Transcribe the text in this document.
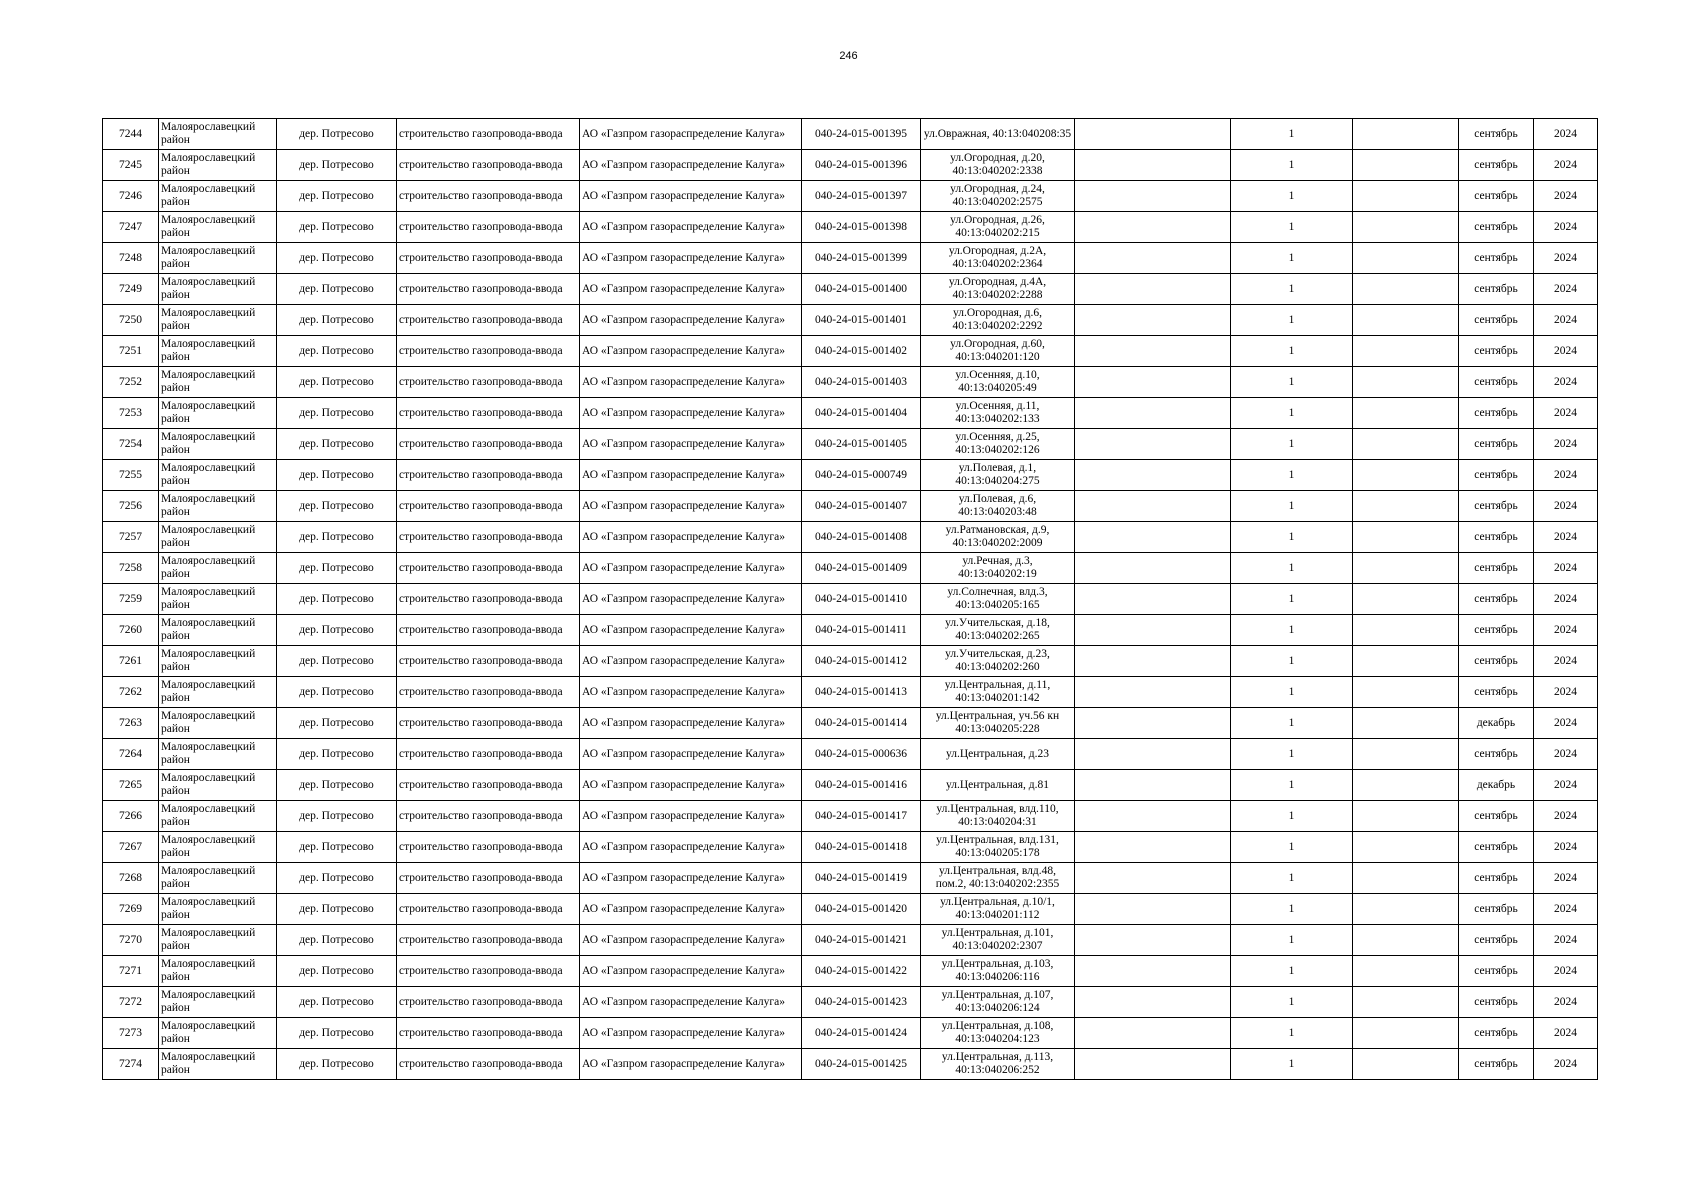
246
7244	Малоярославецкий район	дер. Потресово	строительство газопровода-ввода	АО «Газпром газораспределение Калуга»	040-24-015-001395	ул.Овражная, 40:13:040208:35		1		сентябрь	2024
7245	Малоярославецкий район	дер. Потресово	строительство газопровода-ввода	АО «Газпром газораспределение Калуга»	040-24-015-001396	ул.Огородная, д.20, 40:13:040202:2338		1		сентябрь	2024
7246	Малоярославецкий район	дер. Потресово	строительство газопровода-ввода	АО «Газпром газораспределение Калуга»	040-24-015-001397	ул.Огородная, д.24, 40:13:040202:2575		1		сентябрь	2024
7247	Малоярославецкий район	дер. Потресово	строительство газопровода-ввода	АО «Газпром газораспределение Калуга»	040-24-015-001398	ул.Огородная, д.26, 40:13:040202:215		1		сентябрь	2024
7248	Малоярославецкий район	дер. Потресово	строительство газопровода-ввода	АО «Газпром газораспределение Калуга»	040-24-015-001399	ул.Огородная, д.2А, 40:13:040202:2364		1		сентябрь	2024
7249	Малоярославецкий район	дер. Потресово	строительство газопровода-ввода	АО «Газпром газораспределение Калуга»	040-24-015-001400	ул.Огородная, д.4А, 40:13:040202:2288		1		сентябрь	2024
7250	Малоярославецкий район	дер. Потресово	строительство газопровода-ввода	АО «Газпром газораспределение Калуга»	040-24-015-001401	ул.Огородная, д.6, 40:13:040202:2292		1		сентябрь	2024
7251	Малоярославецкий район	дер. Потресово	строительство газопровода-ввода	АО «Газпром газораспределение Калуга»	040-24-015-001402	ул.Огородная, д.60, 40:13:040201:120		1		сентябрь	2024
7252	Малоярославецкий район	дер. Потресово	строительство газопровода-ввода	АО «Газпром газораспределение Калуга»	040-24-015-001403	ул.Осенняя, д.10, 40:13:040205:49		1		сентябрь	2024
7253	Малоярославецкий район	дер. Потресово	строительство газопровода-ввода	АО «Газпром газораспределение Калуга»	040-24-015-001404	ул.Осенняя, д.11, 40:13:040202:133		1		сентябрь	2024
7254	Малоярославецкий район	дер. Потресово	строительство газопровода-ввода	АО «Газпром газораспределение Калуга»	040-24-015-001405	ул.Осенняя, д.25, 40:13:040202:126		1		сентябрь	2024
7255	Малоярославецкий район	дер. Потресово	строительство газопровода-ввода	АО «Газпром газораспределение Калуга»	040-24-015-000749	ул.Полевая, д.1, 40:13:040204:275		1		сентябрь	2024
7256	Малоярославецкий район	дер. Потресово	строительство газопровода-ввода	АО «Газпром газораспределение Калуга»	040-24-015-001407	ул.Полевая, д.6, 40:13:040203:48		1		сентябрь	2024
7257	Малоярославецкий район	дер. Потресово	строительство газопровода-ввода	АО «Газпром газораспределение Калуга»	040-24-015-001408	ул.Ратмановская, д.9, 40:13:040202:2009		1		сентябрь	2024
7258	Малоярославецкий район	дер. Потресово	строительство газопровода-ввода	АО «Газпром газораспределение Калуга»	040-24-015-001409	ул.Речная, д.3, 40:13:040202:19		1		сентябрь	2024
7259	Малоярославецкий район	дер. Потресово	строительство газопровода-ввода	АО «Газпром газораспределение Калуга»	040-24-015-001410	ул.Солнечная, влд.3, 40:13:040205:165		1		сентябрь	2024
7260	Малоярославецкий район	дер. Потресово	строительство газопровода-ввода	АО «Газпром газораспределение Калуга»	040-24-015-001411	ул.Учительская, д.18, 40:13:040202:265		1		сентябрь	2024
7261	Малоярославецкий район	дер. Потресово	строительство газопровода-ввода	АО «Газпром газораспределение Калуга»	040-24-015-001412	ул.Учительская, д.23, 40:13:040202:260		1		сентябрь	2024
7262	Малоярославецкий район	дер. Потресово	строительство газопровода-ввода	АО «Газпром газораспределение Калуга»	040-24-015-001413	ул.Центральная, д.11, 40:13:040201:142		1		сентябрь	2024
7263	Малоярославецкий район	дер. Потресово	строительство газопровода-ввода	АО «Газпром газораспределение Калуга»	040-24-015-001414	ул.Центральная, уч.56 кн 40:13:040205:228		1		декабрь	2024
7264	Малоярославецкий район	дер. Потресово	строительство газопровода-ввода	АО «Газпром газораспределение Калуга»	040-24-015-000636	ул.Центральная, д.23		1		сентябрь	2024
7265	Малоярославецкий район	дер. Потресово	строительство газопровода-ввода	АО «Газпром газораспределение Калуга»	040-24-015-001416	ул.Центральная, д.81		1		декабрь	2024
7266	Малоярославецкий район	дер. Потресово	строительство газопровода-ввода	АО «Газпром газораспределение Калуга»	040-24-015-001417	ул.Центральная, влд.110, 40:13:040204:31		1		сентябрь	2024
7267	Малоярославецкий район	дер. Потресово	строительство газопровода-ввода	АО «Газпром газораспределение Калуга»	040-24-015-001418	ул.Центральная, влд.131, 40:13:040205:178		1		сентябрь	2024
7268	Малоярославецкий район	дер. Потресово	строительство газопровода-ввода	АО «Газпром газораспределение Калуга»	040-24-015-001419	ул.Центральная, влд.48, пом.2, 40:13:040202:2355		1		сентябрь	2024
7269	Малоярославецкий район	дер. Потресово	строительство газопровода-ввода	АО «Газпром газораспределение Калуга»	040-24-015-001420	ул.Центральная, д.10/1, 40:13:040201:112		1		сентябрь	2024
7270	Малоярославецкий район	дер. Потресово	строительство газопровода-ввода	АО «Газпром газораспределение Калуга»	040-24-015-001421	ул.Центральная, д.101, 40:13:040202:2307		1		сентябрь	2024
7271	Малоярославецкий район	дер. Потресово	строительство газопровода-ввода	АО «Газпром газораспределение Калуга»	040-24-015-001422	ул.Центральная, д.103, 40:13:040206:116		1		сентябрь	2024
7272	Малоярославецкий район	дер. Потресово	строительство газопровода-ввода	АО «Газпром газораспределение Калуга»	040-24-015-001423	ул.Центральная, д.107, 40:13:040206:124		1		сентябрь	2024
7273	Малоярославецкий район	дер. Потресово	строительство газопровода-ввода	АО «Газпром газораспределение Калуга»	040-24-015-001424	ул.Центральная, д.108, 40:13:040204:123		1		сентябрь	2024
7274	Малоярославецкий район	дер. Потресово	строительство газопровода-ввода	АО «Газпром газораспределение Калуга»	040-24-015-001425	ул.Центральная, д.113, 40:13:040206:252		1		сентябрь	2024
